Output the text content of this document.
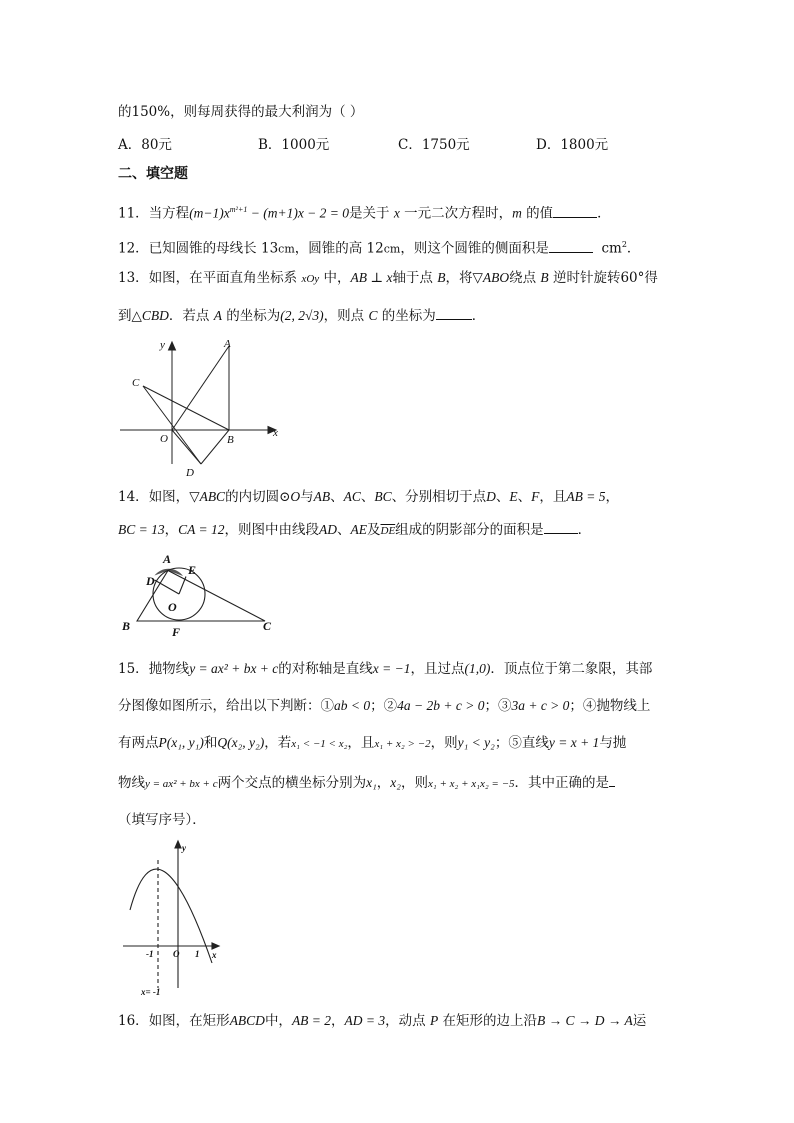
的150%，则每周获得的最大利润为（ ）
A．80元	B．1000元	C．1750元	D．1800元
二、填空题
11．当方程$(m-1)x^{m^2+1} - (m+1)x - 2 = 0$是关于 x 一元二次方程时，m 的值	．
12．已知圆锥的母线长 13cm，圆锥的高 12cm，则这个圆锥的侧面积是	$cm^2$．
13．如图，在平面直角坐标系 xOy 中，AB ⊥ x轴于点 B，将▽ABO绕点 B 逆时针旋转60°得
到△CBD．若点 A 的坐标为(2, 2√3)，则点 C 的坐标为	．
y
x
A
B
C
D
O
14．如图，▽ABC的内切圆⊙O与AB、AC、BC、分别相切于点D、E、F，且AB = 5，
BC = 13，CA = 12，则图中由线段AD、AE及$\overline{DE}$组成的阴影部分的面积是	．
A
B	C
D
E
F
O
15．抛物线y = ax² + bx + c的对称轴是直线x = −1，且过点(1,0)．顶点位于第二象限，其部
分图像如图所示，给出以下判断：①ab < 0；②4a − 2b + c > 0；③3a + c > 0；④抛物线上
有两点P(x₁, y₁)和Q(x₂, y₂)，若x₁ < −1 < x₂，且x₁ + x₂ > −2，则y₁ < y₂；⑤直线y = x + 1与抛
物线y = ax² + bx + c两个交点的横坐标分别为x₁，x₂，则x₁ + x₂ + x₁x₂ = −5．其中正确的是
（填写序号）．
y
x
-1 O 1
x= -1
16．如图，在矩形ABCD中，AB = 2，AD = 3，动点 P 在矩形的边上沿B → C → D → A运
